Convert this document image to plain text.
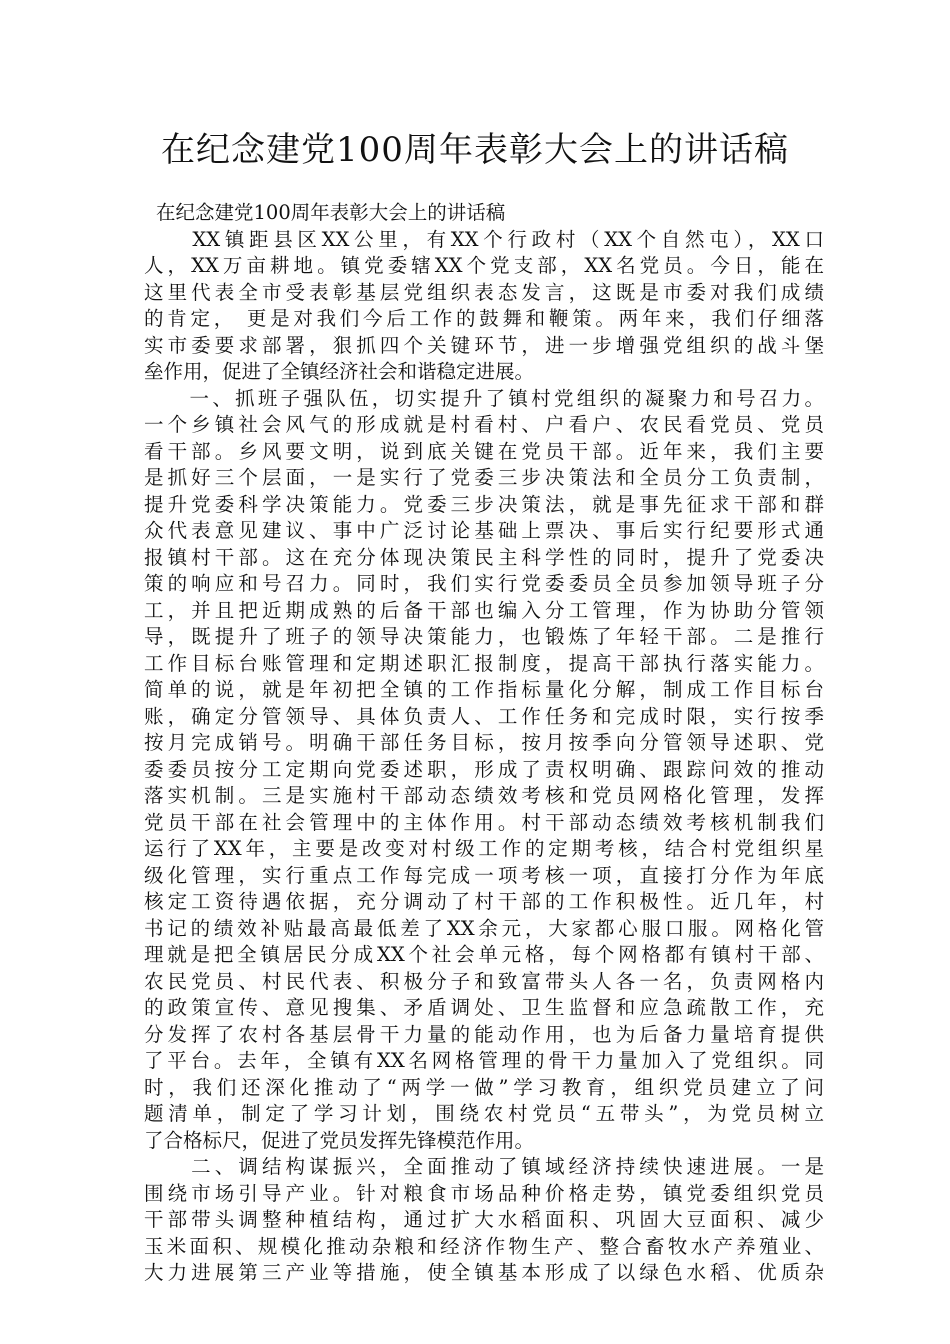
在纪念建党100周年表彰大会上的讲话稿
在纪念建党100周年表彰大会上的讲话稿
　　XX镇距县区XX公里，有XX个行政村（XX个自然屯），XX口
人，XX万亩耕地。镇党委辖XX个党支部，XX名党员。今日，能在
这里代表全市受表彰基层党组织表态发言，这既是市委对我们成绩
的肯定， 更是对我们今后工作的鼓舞和鞭策。两年来，我们仔细落
实市委要求部署，狠抓四个关键环节，进一步增强党组织的战斗堡
垒作用，促进了全镇经济社会和谐稳定进展。
　　一、抓班子强队伍，切实提升了镇村党组织的凝聚力和号召力。
一个乡镇社会风气的形成就是村看村、户看户、农民看党员、党员
看干部。乡风要文明，说到底关键在党员干部。近年来，我们主要
是抓好三个层面，一是实行了党委三步决策法和全员分工负责制，
提升党委科学决策能力。党委三步决策法，就是事先征求干部和群
众代表意见建议、事中广泛讨论基础上票决、事后实行纪要形式通
报镇村干部。这在充分体现决策民主科学性的同时，提升了党委决
策的响应和号召力。同时，我们实行党委委员全员参加领导班子分
工，并且把近期成熟的后备干部也编入分工管理，作为协助分管领
导，既提升了班子的领导决策能力，也锻炼了年轻干部。二是推行
工作目标台账管理和定期述职汇报制度，提高干部执行落实能力。
简单的说，就是年初把全镇的工作指标量化分解，制成工作目标台
账，确定分管领导、具体负责人、工作任务和完成时限，实行按季
按月完成销号。明确干部任务目标，按月按季向分管领导述职、党
委委员按分工定期向党委述职，形成了责权明确、跟踪问效的推动
落实机制。三是实施村干部动态绩效考核和党员网格化管理，发挥
党员干部在社会管理中的主体作用。村干部动态绩效考核机制我们
运行了XX年，主要是改变对村级工作的定期考核，结合村党组织星
级化管理，实行重点工作每完成一项考核一项，直接打分作为年底
核定工资待遇依据，充分调动了村干部的工作积极性。近几年，村
书记的绩效补贴最高最低差了XX余元，大家都心服口服。网格化管
理就是把全镇居民分成XX个社会单元格，每个网格都有镇村干部、
农民党员、村民代表、积极分子和致富带头人各一名，负责网格内
的政策宣传、意见搜集、矛盾调处、卫生监督和应急疏散工作，充
分发挥了农村各基层骨干力量的能动作用，也为后备力量培育提供
了平台。去年，全镇有XX名网格管理的骨干力量加入了党组织。同
时，我们还深化推动了“两学一做”学习教育，组织党员建立了问
题清单，制定了学习计划，围绕农村党员“五带头”，为党员树立
了合格标尺，促进了党员发挥先锋模范作用。
　　二、调结构谋振兴，全面推动了镇域经济持续快速进展。一是
围绕市场引导产业。针对粮食市场品种价格走势，镇党委组织党员
干部带头调整种植结构，通过扩大水稻面积、巩固大豆面积、减少
玉米面积、规模化推动杂粮和经济作物生产、整合畜牧水产养殖业、
大力进展第三产业等措施，使全镇基本形成了以绿色水稻、优质杂
